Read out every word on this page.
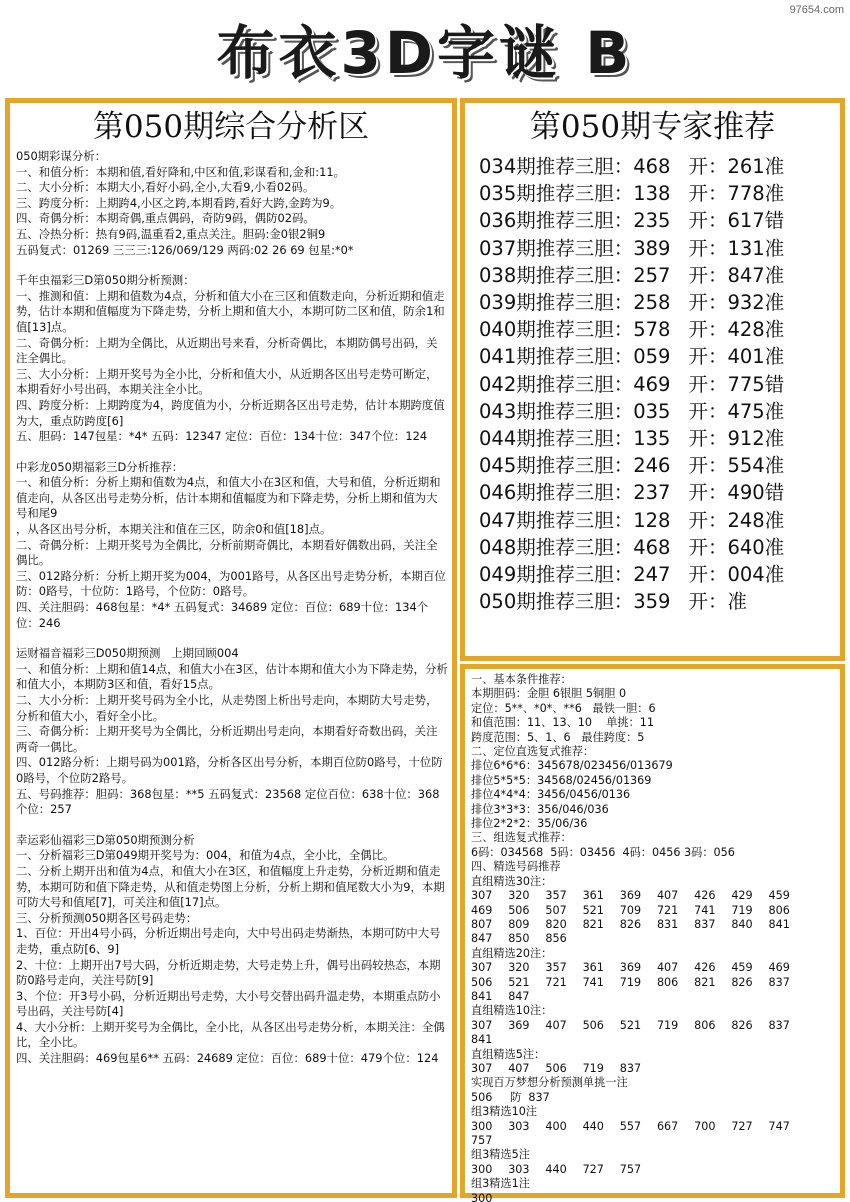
97654.com
布衣3D字谜 B
第050期综合分析区
050期彩谋分析：
一、和值分析：本期和值,看好降和,中区和值,彩谋看和,金和:11。
二、大小分析：本期大小,看好小码,全小,大看9,小看02码。
三、跨度分析：上期跨4,小区之跨,本期看跨,看好大跨,金跨为9。
四、奇偶分析：本期奇偶,重点偶码，奇防9码，偶防02码。
五、冷热分析：热有9码,温重看2,重点关注。胆码:金0银2铜9
五码复式：01269 三三三:126/069/129 两码:02 26 69 包星:*0*
千年虫福彩三D第050期分析预测：
一、推测和值：上期和值数为4点，分析和值大小在三区和值数走向，分析近期和值走势，估计本期和值幅度为下降走势，分析上期和值大小，本期可防二区和值，防余1和值[13]点。
二、奇偶分析：上期为全偶比，从近期出号来看，分析奇偶比，本期防偶号出码，关注全偶比。
三、大小分析：上期开奖号为全小比，分析和值大小，从近期各区出号走势可断定，本期看好小号出码，本期关注全小比。
四、跨度分析：上期跨度为4，跨度值为小，分析近期各区出号走势，估计本期跨度值为大，重点防跨度[6]
五、胆码：147包星：*4* 五码：12347 定位：百位：134十位：347个位：124
中彩龙050期福彩三D分析推荐：
一、和值分析：分析上期和值数为4点，和值大小在3区和值，大号和值，分析近期和值走向，从各区出号走势分析，估计本期和值幅度为和下降走势，分析上期和值为大号和尾9
，从各区出号分析，本期关注和值在三区，防余0和值[18]点。
二、奇偶分析：上期开奖号为全偶比，分析前期奇偶比，本期看好偶数出码，关注全偶比。
三、012路分析：分析上期开奖为004，为001路号，从各区出号走势分析，本期百位防：0路号，十位防：1路号，个位防：0路号。
四、关注胆码：468包星：*4* 五码复式：34689 定位：百位：689十位：134个位：246
运财福音福彩三D050期预测   上期回顾004
一、和值分析：上期和值14点，和值大小在3区，估计本期和值大小为下降走势，分析和值大小，本期防3区和值，看好15点。
二、大小分析：上期开奖号码为全小比，从走势图上析出号走向，本期防大号走势，分析和值大小，看好全小比。
三、奇偶分析：上期开奖号为全偶比，分析近期出号走向，本期看好奇数出码，关注两奇一偶比。
四、012路分析：上期号码为001路，分析各区出号分析，本期百位防0路号，十位防0路号，个位防2路号。
五、号码推荐：胆码：368包星：**5 五码复式：23568 定位百位：638十位：368个位：257
幸运彩仙福彩三D第050期预测分析
一、分析福彩三D第049期开奖号为：004，和值为4点，全小比，全偶比。
二、分析上期开出和值为4点，和值大小在3区，和值幅度上升走势，分析近期和值走势，本期可防和值下降走势，从和值走势图上分析，分析上期和值尾数大小为9，本期可防大号和值尾[7]，可关注和值[17]点。
三、分析预测050期各区号码走势：
1、百位：开出4号小码，分析近期出号走向，大中号出码走势渐热，本期可防中大号走势，重点防[6、9]
2、十位：上期开出7号大码，分析近期走势，大号走势上升，偶号出码较热态，本期防0路号走向，关注号防[9]
3、个位：开3号小码，分析近期出号走势，大小号交替出码升温走势，本期重点防小号出码，关注号防[4]
4、大小分析：上期开奖号为全偶比，全小比，从各区出号走势分析，本期关注：全偶比，全小比。
四、关注胆码：469包星6** 五码：24689 定位：百位：689十位：479个位：124
第050期专家推荐
034期推荐三胆：468 开：261准
035期推荐三胆：138 开：778准
036期推荐三胆：235 开：617错
037期推荐三胆：389 开：131准
038期推荐三胆：257 开：847准
039期推荐三胆：258 开：932准
040期推荐三胆：578 开：428准
041期推荐三胆：059 开：401准
042期推荐三胆：469 开：775错
043期推荐三胆：035 开：475准
044期推荐三胆：135 开：912准
045期推荐三胆：246 开：554准
046期推荐三胆：237 开：490错
047期推荐三胆：128 开：248准
048期推荐三胆：468 开：640准
049期推荐三胆：247 开：004准
050期推荐三胆：359 开：准
一、基本条件推荐：
本期胆码：金胆 6银胆 5铜胆 0
定位：5**、*0*、**6   最铁一胆：6
和值范围：11、13、10    单挑：11
跨度范围：5、1、6   最佳跨度：5
二、定位直选复式推荐：
排位6*6*6：345678/023456/013679
排位5*5*5：34568/02456/01369
排位4*4*4：3456/0456/0136
排位3*3*3：356/046/036
排位2*2*2：35/06/36
三、组选复式推荐：
6码：034568  5码：03456  4码：0456 3码：056
四、精选号码推荐
直组精选30注：
307	320	357	361	369	407	426	429	459
469	506	507	521	709	721	741	719	806
807	809	820	821	826	831	837	840	841
847	850	856
直组精选20注：
307	320	357	361	369	407	426	459	469
506	521	721	741	719	806	821	826	837
841	847
直组精选10注：
307	369	407	506	521	719	806	826	837
841
直组精选5注：
307	407	506	719	837
实现百万梦想分析预测单挑一注
506     防  837
组3精选10注
300	303	400	440	557	667	700	727	747
757
组3精选5注
300	303	440	727	757
组3精选1注
300
